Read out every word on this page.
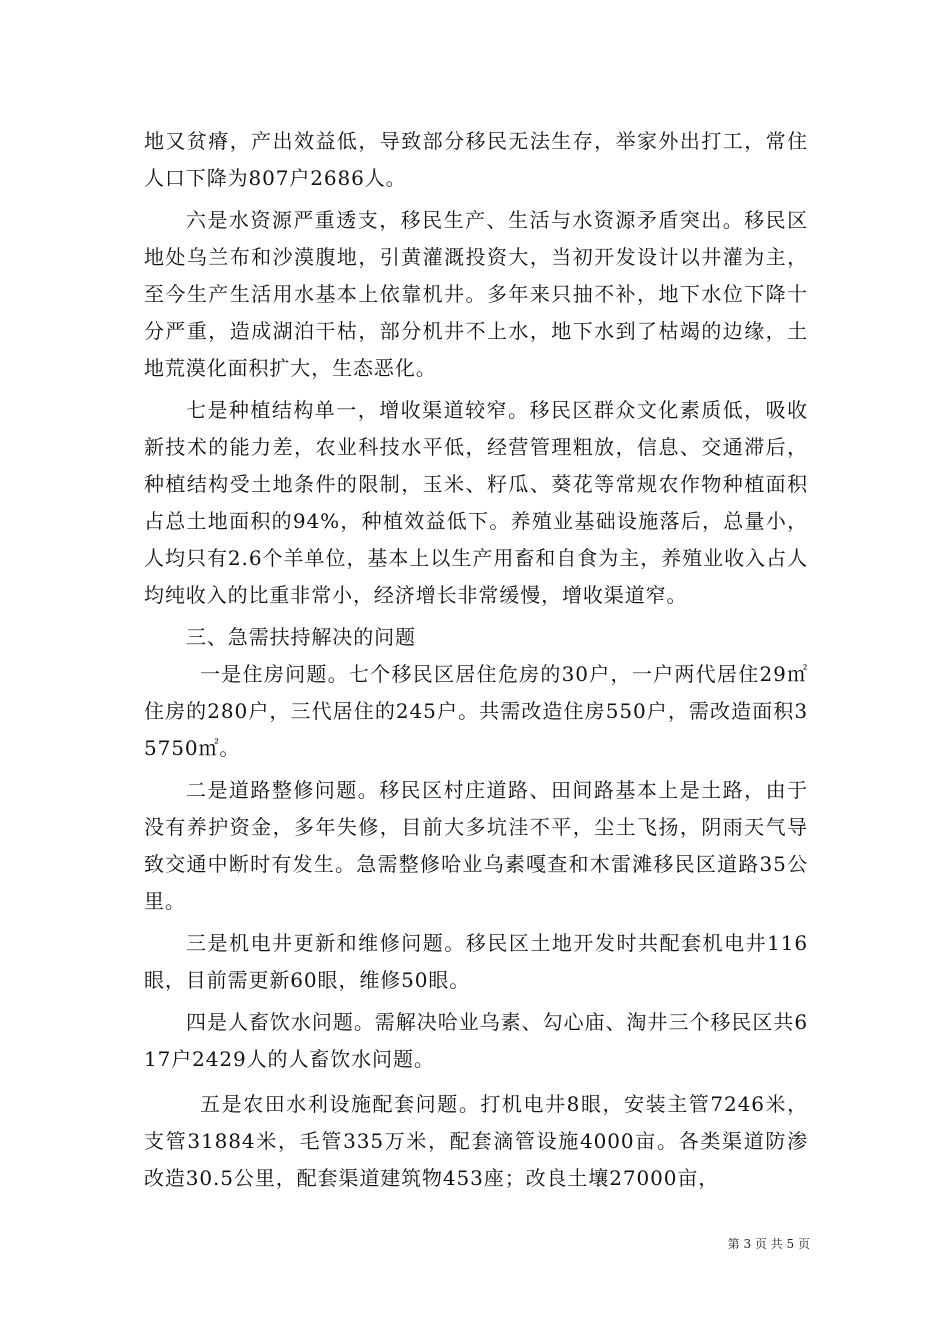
地又贫瘠，产出效益低，导致部分移民无法生存，举家外出打工，常住人口下降为807户2686人。

六是水资源严重透支，移民生产、生活与水资源矛盾突出。移民区地处乌兰布和沙漠腹地，引黄灌溉投资大，当初开发设计以井灌为主，至今生产生活用水基本上依靠机井。多年来只抽不补，地下水位下降十分严重，造成湖泊干枯，部分机井不上水，地下水到了枯竭的边缘，土地荒漠化面积扩大，生态恶化。

七是种植结构单一，增收渠道较窄。移民区群众文化素质低，吸收新技术的能力差，农业科技水平低，经营管理粗放，信息、交通滞后，种植结构受土地条件的限制，玉米、籽瓜、葵花等常规农作物种植面积占总土地面积的94%，种植效益低下。养殖业基础设施落后，总量小，人均只有2.6个羊单位，基本上以生产用畜和自食为主，养殖业收入占人均纯收入的比重非常小，经济增长非常缓慢，增收渠道窄。

三、急需扶持解决的问题

一是住房问题。七个移民区居住危房的30户，一户两代居住29㎡住房的280户，三代居住的245户。共需改造住房550户，需改造面积35750㎡。

二是道路整修问题。移民区村庄道路、田间路基本上是土路，由于没有养护资金，多年失修，目前大多坑洼不平，尘土飞扬，阴雨天气导致交通中断时有发生。急需整修哈业乌素嘎查和木雷滩移民区道路35公里。

三是机电井更新和维修问题。移民区土地开发时共配套机电井116眼，目前需更新60眼，维修50眼。

四是人畜饮水问题。需解决哈业乌素、勾心庙、淘井三个移民区共617户2429人的人畜饮水问题。

五是农田水利设施配套问题。打机电井8眼，安装主管7246米，支管31884米，毛管335万米，配套滴管设施4000亩。各类渠道防渗改造30.5公里，配套渠道建筑物453座；改良土壤27000亩，

第 3 页 共 5 页
